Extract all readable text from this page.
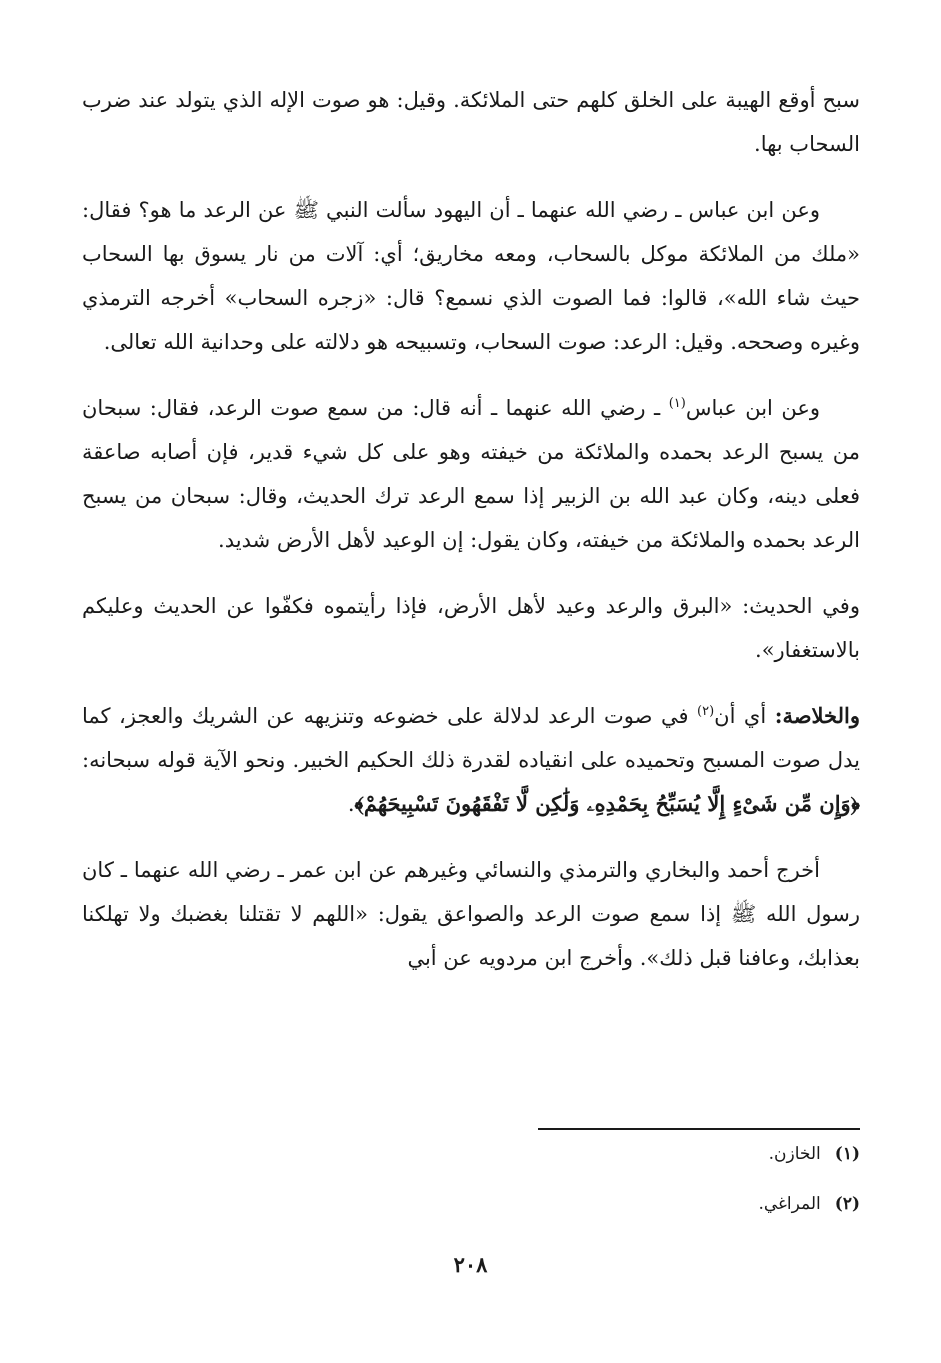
سبح أوقع الهيبة على الخلق كلهم حتى الملائكة. وقيل: هو صوت الإله الذي يتولد عند ضرب السحاب بها.

وعن ابن عباس ـ رضي الله عنهما ـ أن اليهود سألت النبي ﷺ عن الرعد ما هو؟ فقال: «ملك من الملائكة موكل بالسحاب، ومعه مخاريق؛ أي: آلات من نار يسوق بها السحاب حيث شاء الله»، قالوا: فما الصوت الذي نسمع؟ قال: «زجره السحاب» أخرجه الترمذي وغيره وصححه. وقيل: الرعد: صوت السحاب، وتسبيحه هو دلالته على وحدانية الله تعالى.

وعن ابن عباس$^{(١)}$ ـ رضي الله عنهما ـ أنه قال: من سمع صوت الرعد، فقال: سبحان من يسبح الرعد بحمده والملائكة من خيفته وهو على كل شيء قدير، فإن أصابه صاعقة فعلى دينه، وكان عبد الله بن الزبير إذا سمع الرعد ترك الحديث، وقال: سبحان من يسبح الرعد بحمده والملائكة من خيفته، وكان يقول: إن الوعيد لأهل الأرض شديد.

وفي الحديث: «البرق والرعد وعيد لأهل الأرض، فإذا رأيتموه فكفّوا عن الحديث وعليكم بالاستغفار».

والخلاصة: أي أن$^{(٢)}$ في صوت الرعد لدلالة على خضوعه وتنزيهه عن الشريك والعجز، كما يدل صوت المسبح وتحميده على انقياده لقدرة ذلك الحكيم الخبير. ونحو الآية قوله سبحانه: ﴿وَإِن مِّن شَىْءٍ إِلَّا يُسَبِّحُ بِحَمْدِهِۦ وَلَٰكِن لَّا تَفْقَهُونَ تَسْبِيحَهُمْ﴾.

أخرج أحمد والبخاري والترمذي والنسائي وغيرهم عن ابن عمر ـ رضي الله عنهما ـ كان رسول الله ﷺ إذا سمع صوت الرعد والصواعق يقول: «اللهم لا تقتلنا بغضبك ولا تهلكنا بعذابك، وعافنا قبل ذلك». وأخرج ابن مردويه عن أبي

(١)الخازن.
(٢)المراغي.
٢٠٨
